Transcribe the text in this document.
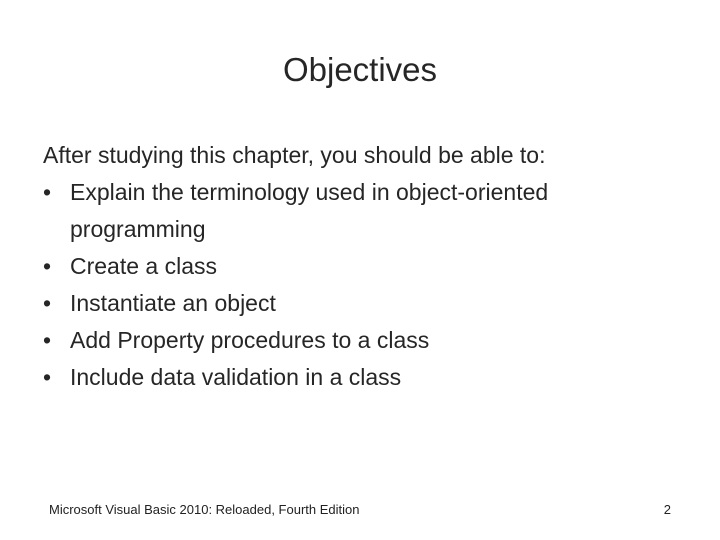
Objectives
After studying this chapter, you should be able to:
• Explain the terminology used in object-oriented programming
• Create a class
• Instantiate an object
• Add Property procedures to a class
• Include data validation in a class
Microsoft Visual Basic 2010: Reloaded, Fourth Edition	2
